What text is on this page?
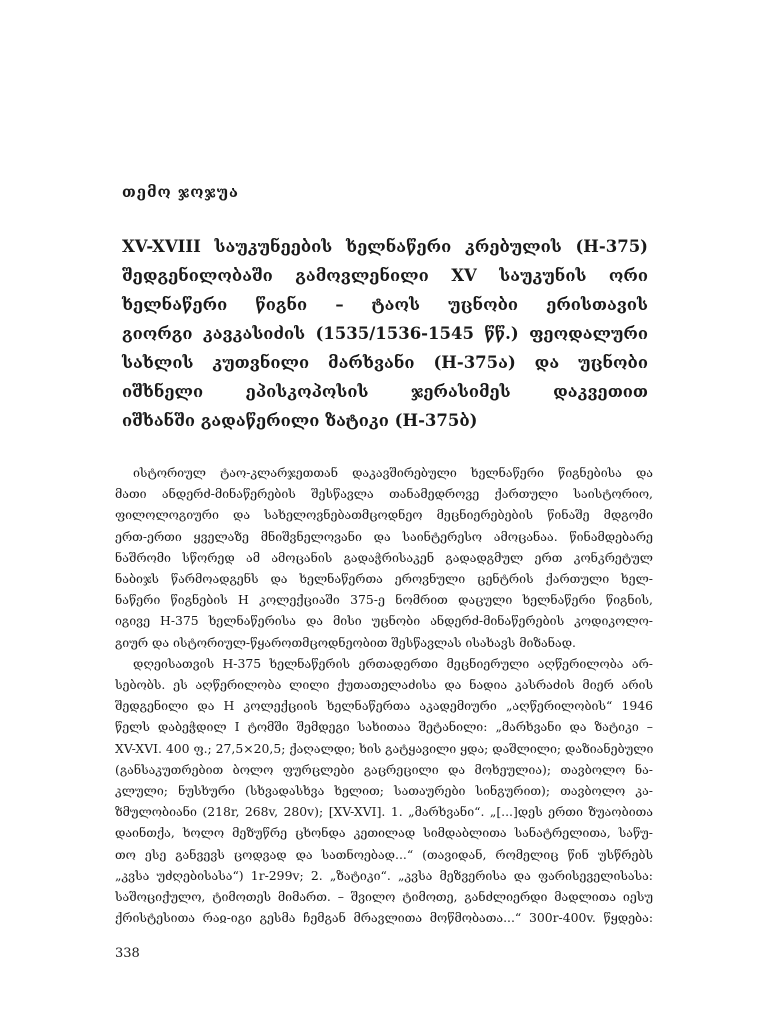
თემო ჯოჯუა
XV-XVIII საუკუნეების ხელნაწერი კრებულის (H-375)
შედგენილობაში გამოვლენილი XV საუკუნის ორი
ხელნაწერი წიგნი – ტაოს უცნობი ერისთავის
გიორგი კავკასიძის (1535/1536-1545 წწ.) ფეოდალური
სახლის კუთვნილი მარხვანი (H-375ა) და უცნობი
იშხნელი ეპისკოპოსის ჯერასიმეს დაკვეთით
იშხანში გადაწერილი ზატიკი (H-375ბ)
ისტორიულ ტაო-კლარჯეთთან დაკავშირებული ხელნაწერი წიგნებისა და
მათი ანდერძ-მინაწერების შესწავლა თანამედროვე ქართული საისტორიო,
ფილოლოგიური და სახელოვნებათმცოდნეო მეცნიერებების წინაშე მდგომი
ერთ-ერთი ყველაზე მნიშვნელოვანი და საინტერესო ამოცანაა. წინამდებარე
ნაშრომი სწორედ ამ ამოცანის გადაჭრისაკენ გადადგმულ ერთ კონკრეტულ
ნაბიჯს წარმოადგენს და ხელნაწერთა ეროვნული ცენტრის ქართული ხელ-
ნაწერი წიგნების H კოლექციაში 375-ე ნომრით დაცული ხელნაწერი წიგნის,
იგივე H-375 ხელნაწერისა და მისი უცნობი ანდერძ-მინაწერების კოდიკოლო-
გიურ და ისტორიულ-წყაროთმცოდნეობით შესწავლას ისახავს მიზანად.
დღეისათვის H-375 ხელნაწერის ერთადერთი მეცნიერული აღწერილობა არ-
სებობს. ეს აღწერილობა ლილი ქუთათელაძისა და ნადია კასრაძის მიერ არის
შედგენილი და H კოლექციის ხელნაწერთა აკადემიური „აღწერილობის“ 1946
წელს დაბეჭდილ I ტომში შემდეგი სახითაა შეტანილი: „მარხვანი და ზატიკი –
XV-XVI. 400 ფ.; 27,5×20,5; ქაღალდი; ხის გატყავილი ყდა; დაშლილი; დაზიანებული
(განსაკუთრებით ბოლო ფურცლები გაცრეცილი და მოხეულია); თავბოლო ნა-
კლული; ნუსხური (სხვადასხვა ხელით; სათაურები სინგურით); თავბოლო კა-
ზმულობიანი (218r, 268v, 280v); [XV-XVI]. 1. „მარხვანი“. „[...]დეს ერთი ზუაობითა
დაინთქა, ხოლო მეზუწრე ცხონდა კეთილად სიმდაბლითა სანატრელითა, საწუ-
თო ესე განვევს ცოდვად და სათნოებად...“ (თავიდან, რომელიც წინ უსწრებს
„კვსა უძღებისასა“) 1r-299v; 2. „ზატიკი“. „კვსა მეზვერისა და ფარისეველისასა:
საშოციქულო, ტიმოთეს მიმართ. – შვილო ტიმოთე, განძლიერდი მადლითა იესუ
ქრისტესითა რაჲ-იგი გესმა ჩემგან მრავლითა მოწმობათა...“ 300r-400v. წყდება:
338
